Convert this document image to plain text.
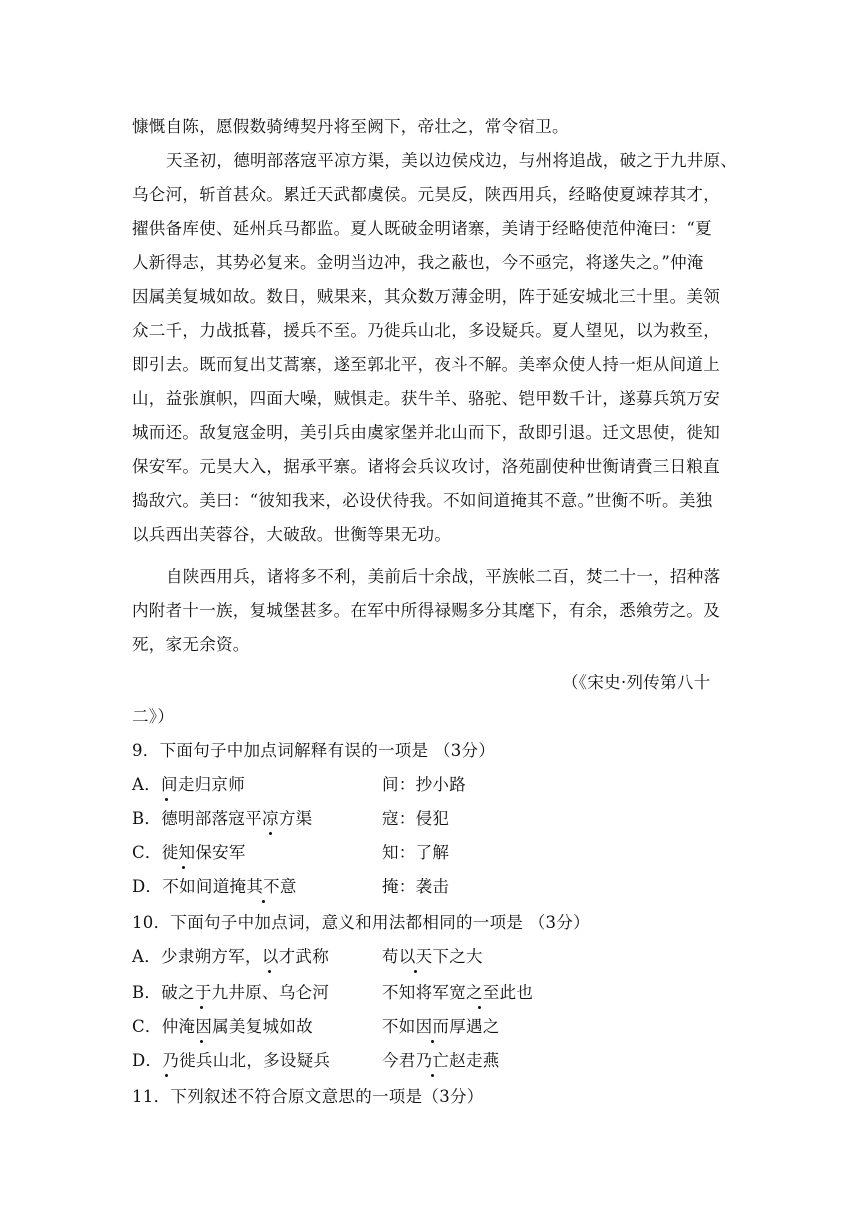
慷慨自陈，愿假数骑缚契丹将至阙下，帝壮之，常令宿卫。
天圣初，德明部落寇平凉方渠，美以边侯戍边，与州将追战，破之于九井原、
乌仑河，斩首甚众。累迁天武都虞侯。元昊反，陕西用兵，经略使夏竦荐其才，
擢供备库使、延州兵马都监。夏人既破金明诸寨，美请于经略使范仲淹曰：“夏
人新得志，其势必复来。金明当边冲，我之蔽也，今不亟完，将遂失之。”仲淹
因属美复城如故。数日，贼果来，其众数万薄金明，阵于延安城北三十里。美领
众二千，力战抵暮，援兵不至。乃徙兵山北，多设疑兵。夏人望见，以为救至，
即引去。既而复出艾蒿寨，遂至郭北平，夜斗不解。美率众使人持一炬从间道上
山，益张旗帜，四面大噪，贼惧走。获牛羊、骆驼、铠甲数千计，遂募兵筑万安
城而还。敌复寇金明，美引兵由虞家堡并北山而下，敌即引退。迁文思使，徙知
保安军。元昊大入，据承平寨。诸将会兵议攻讨，洛苑副使种世衡请賫三日粮直
捣敌穴。美曰：“彼知我来，必设伏待我。不如间道掩其不意。”世衡不听。美独
以兵西出芙蓉谷，大破敌。世衡等果无功。
自陕西用兵，诸将多不利，美前后十余战，平族帐二百，焚二十一，招种落
内附者十一族，复城堡甚多。在军中所得禄赐多分其麾下，有余，悉飨劳之。及
死，家无余资。
（《宋史·列传第八十
二》）
9．下面句子中加点词解释有误的一项是 （3分）
A．间走归京师	间：抄小路
B．德明部落寇平凉方渠	寇：侵犯
C．徙知保安军	知：了解
D．不如间道掩其不意	掩：袭击
10．下面句子中加点词，意义和用法都相同的一项是 （3分）
A．少隶朔方军，以才武称	苟以天下之大
B．破之于九井原、乌仑河	不知将军宽之至此也
C．仲淹因属美复城如故	不如因而厚遇之
D．乃徙兵山北，多设疑兵	今君乃亡赵走燕
11．下列叙述不符合原文意思的一项是（3分）
